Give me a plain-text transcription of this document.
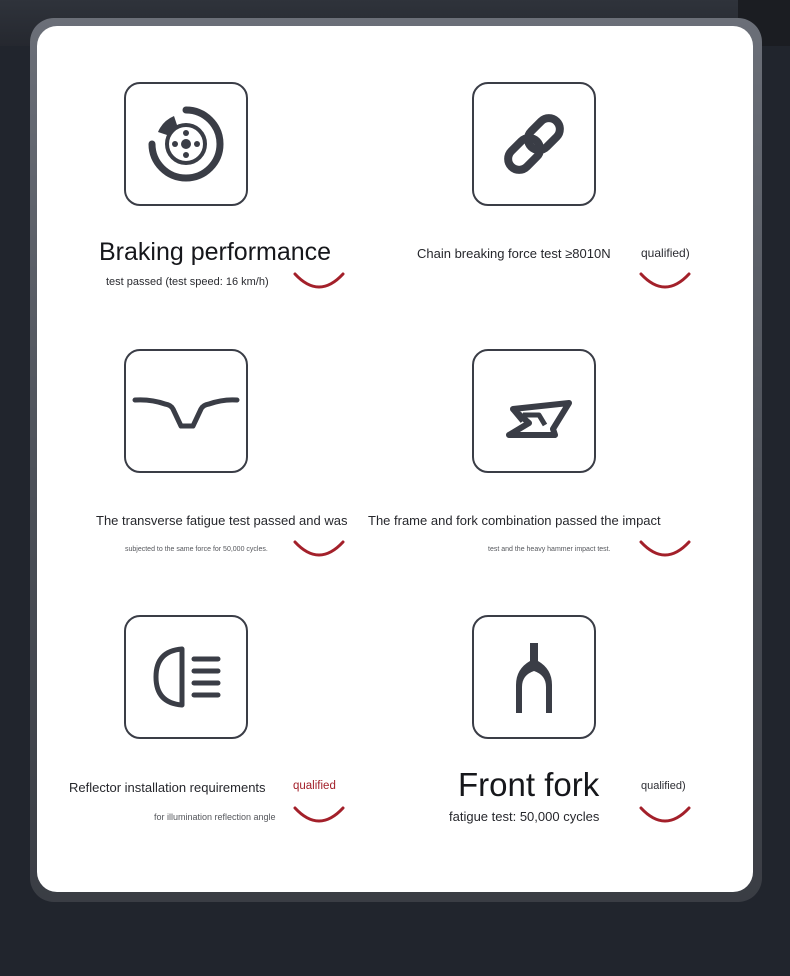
Braking performance
test passed (test speed: 16 km/h)
Chain breaking force test ≥8010N	qualified)
The transverse fatigue test passed and was
subjected to the same force for 50,000 cycles.
The frame and fork combination passed the impact
test and the heavy hammer impact test.
Reflector installation requirements qualified
for illumination reflection angle
Front fork
fatigue test: 50,000 cycles
qualified)
